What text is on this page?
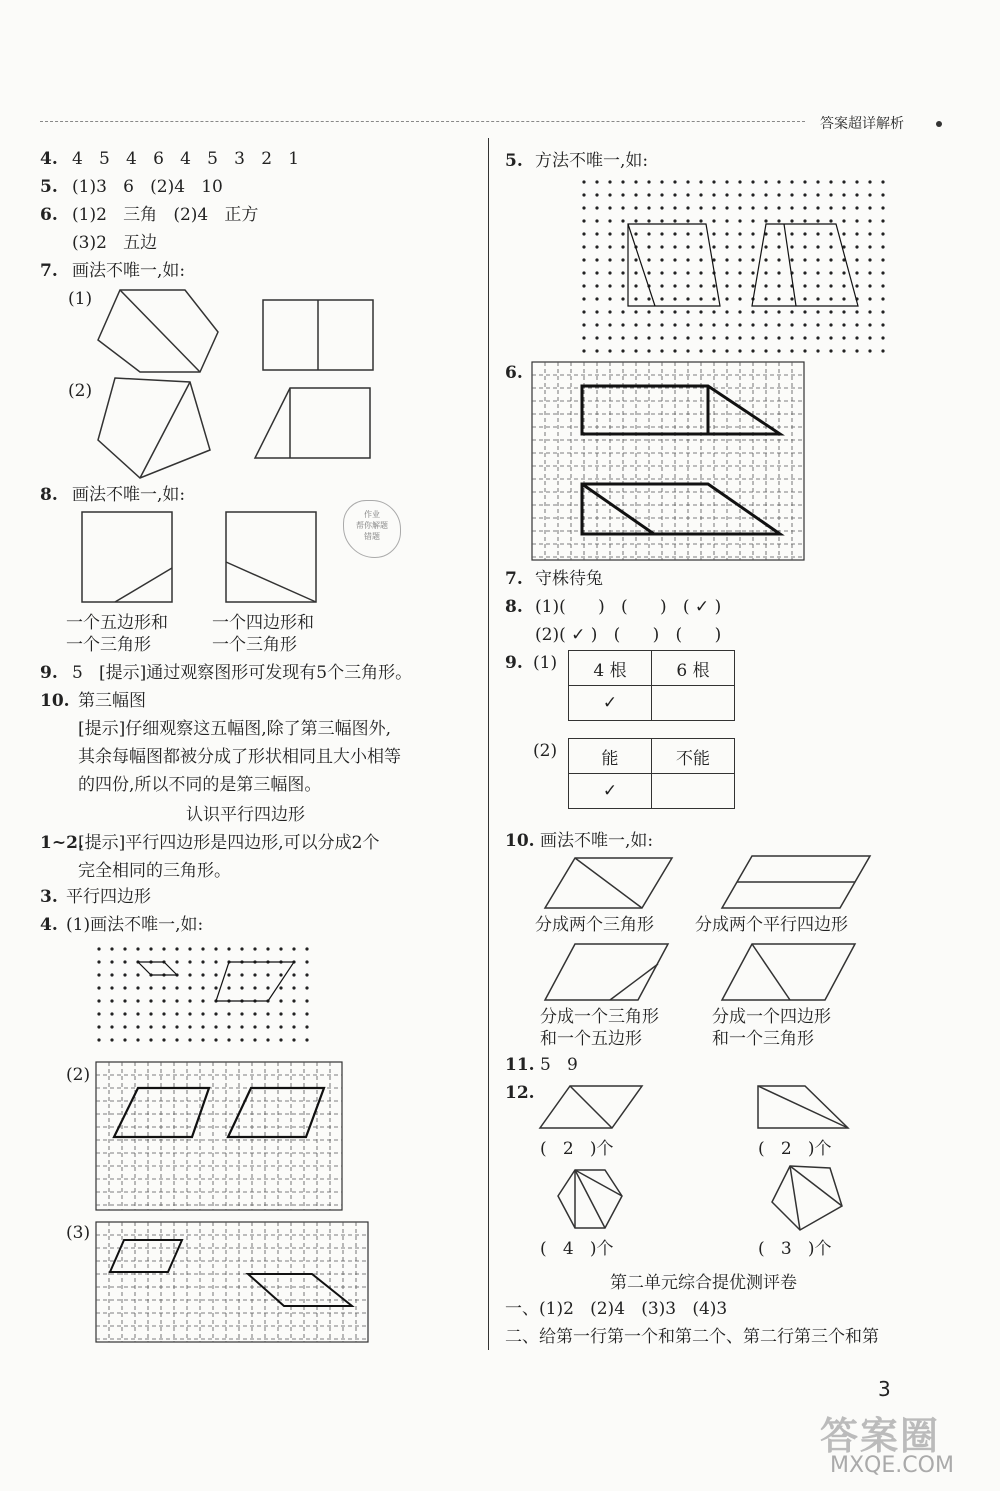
答案超详解析
4. 4   5   4   6   4   5   3   2   1
5. (1)3   6   (2)4   10
6. (1)2   三角   (2)4   正方
(3)2   五边
7. 画法不唯一,如:
(1)
(2)
作业
帮你解题
错题
8. 画法不唯一,如:
一个五边形和
一个三角形
一个四边形和
一个三角形
9. 5   [提示]通过观察图形可发现有5个三角形。
10. 第三幅图
[提示]仔细观察这五幅图,除了第三幅图外,
其余每幅图都被分成了形状相同且大小相等
的四份,所以不同的是第三幅图。
认识平行四边形
1~2.
[提示]平行四边形是四边形,可以分成2个
完全相同的三角形。
3. 平行四边形
4. (1)画法不唯一,如:
(2)
(3)
5. 方法不唯一,如:
6.
7. 守株待兔
8. (1)(      )   (      )   ( ✓ )
(2)( ✓ )   (      )   (      )
9. (1) 4 根	6 根
✓	
(2)	能	不能
✓	
10. 画法不唯一,如:
分成两个三角形 分成两个平行四边形
分成一个三角形
和一个五边形
分成一个四边形
和一个三角形
11. 5   9
12.
(   2   )个	(   2   )个
(   4   )个	(   3   )个
第二单元综合提优测评卷
一、(1)2   (2)4   (3)3   (4)3
二、给第一行第一个和第二个、第二行第三个和第
3
答案圈
MXQE.COM
